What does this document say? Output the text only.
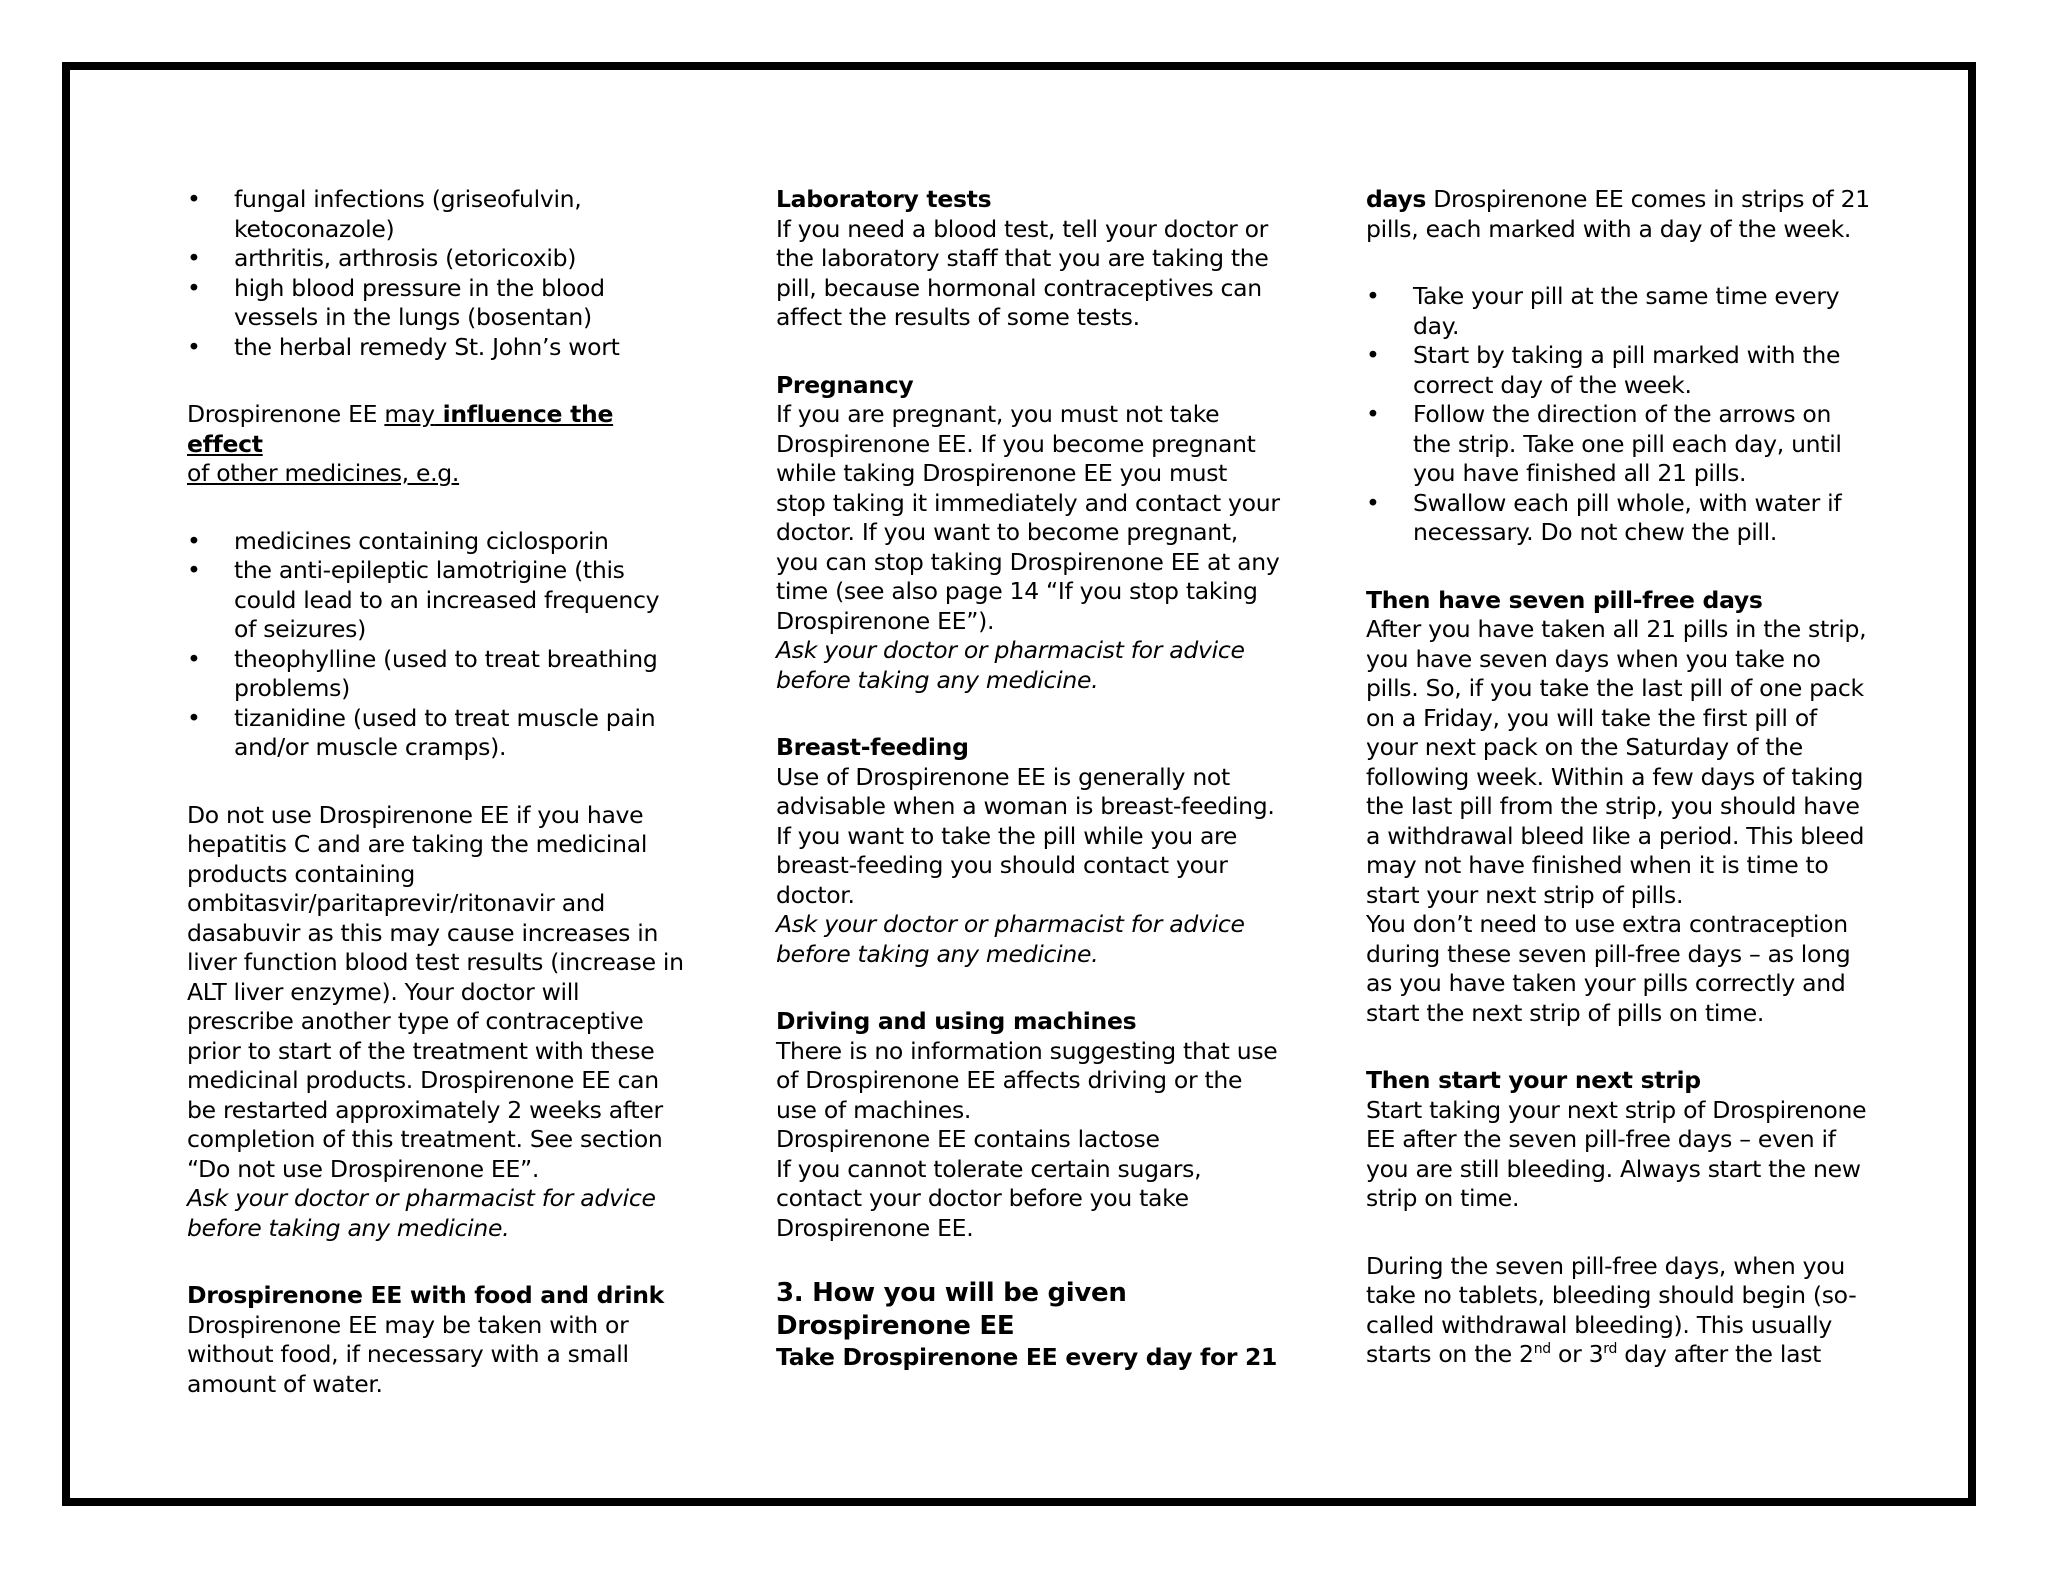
• fungal infections (griseofulvin, ketoconazole)
• arthritis, arthrosis (etoricoxib)
• high blood pressure in the blood vessels in the lungs (bosentan)
• the herbal remedy St. John’s wort

Drospirenone EE may influence the effect
of other medicines, e.g.

• medicines containing ciclosporin
• the anti-epileptic lamotrigine (this could lead to an increased frequency of seizures)
• theophylline (used to treat breathing problems)
• tizanidine (used to treat muscle pain and/or muscle cramps).

Do not use Drospirenone EE if you have hepatitis C and are taking the medicinal products containing ombitasvir/paritaprevir/ritonavir and dasabuvir as this may cause increases in liver function blood test results (increase in ALT liver enzyme). Your doctor will prescribe another type of contraceptive prior to start of the treatment with these medicinal products. Drospirenone EE can be restarted approximately 2 weeks after completion of this treatment. See section “Do not use Drospirenone EE”.

Ask your doctor or pharmacist for advice before taking any medicine.

Drospirenone EE with food and drink

Drospirenone EE may be taken with or without food, if necessary with a small amount of water.

Laboratory tests

If you need a blood test, tell your doctor or the laboratory staff that you are taking the pill, because hormonal contraceptives can affect the results of some tests.

Pregnancy

If you are pregnant, you must not take Drospirenone EE. If you become pregnant while taking Drospirenone EE you must stop taking it immediately and contact your doctor. If you want to become pregnant, you can stop taking Drospirenone EE at any time (see also page 14 “If you stop taking Drospirenone EE”).

Ask your doctor or pharmacist for advice before taking any medicine.

Breast-feeding

Use of Drospirenone EE is generally not advisable when a woman is breast-feeding. If you want to take the pill while you are breast-feeding you should contact your doctor.

Ask your doctor or pharmacist for advice before taking any medicine.

Driving and using machines

There is no information suggesting that use of Drospirenone EE affects driving or the use of machines.

Drospirenone EE contains lactose

If you cannot tolerate certain sugars, contact your doctor before you take Drospirenone EE.

3. How you will be given Drospirenone EE

Take Drospirenone EE every day for 21

days Drospirenone EE comes in strips of 21 pills, each marked with a day of the week.

• Take your pill at the same time every day.
• Start by taking a pill marked with the correct day of the week.
• Follow the direction of the arrows on the strip. Take one pill each day, until you have finished all 21 pills.
• Swallow each pill whole, with water if necessary. Do not chew the pill.

Then have seven pill-free days

After you have taken all 21 pills in the strip, you have seven days when you take no pills. So, if you take the last pill of one pack on a Friday, you will take the first pill of your next pack on the Saturday of the following week. Within a few days of taking the last pill from the strip, you should have a withdrawal bleed like a period. This bleed may not have finished when it is time to start your next strip of pills.

You don’t need to use extra contraception during these seven pill-free days – as long as you have taken your pills correctly and start the next strip of pills on time.

Then start your next strip

Start taking your next strip of Drospirenone EE after the seven pill-free days – even if you are still bleeding. Always start the new strip on time.

During the seven pill-free days, when you take no tablets, bleeding should begin (so-called withdrawal bleeding). This usually starts on the 2nd or 3rd day after the last
